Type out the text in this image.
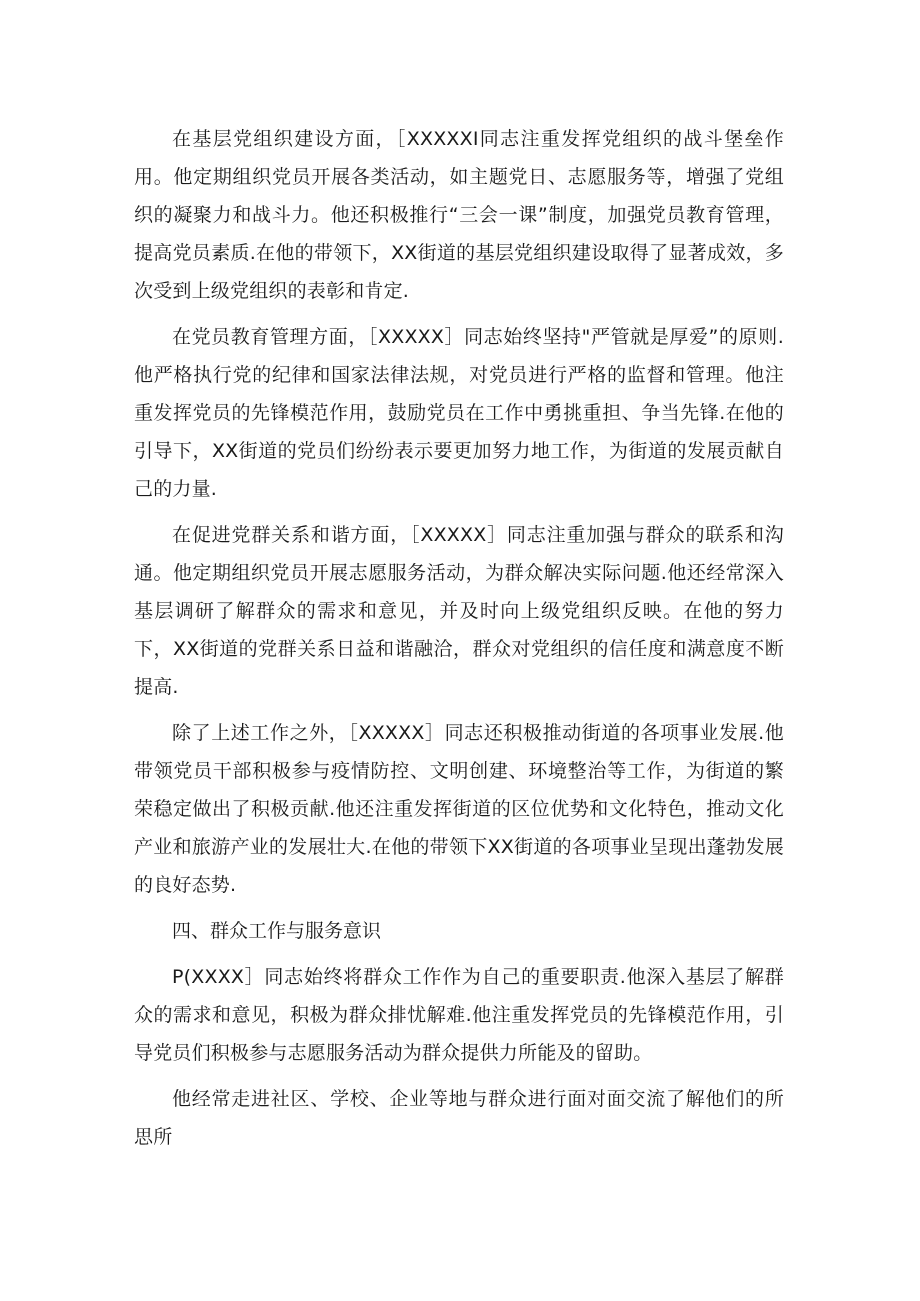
在基层党组织建设方面，［XXXXXI同志注重发挥党组织的战斗堡垒作用。他定期组织党员开展各类活动，如主题党日、志愿服务等，增强了党组织的凝聚力和战斗力。他还积极推行“三会一课”制度，加强党员教育管理，提高党员素质.在他的带领下，XX街道的基层党组织建设取得了显著成效，多次受到上级党组织的表彰和肯定.

在党员教育管理方面，［XXXXX］同志始终坚持"严管就是厚爱”的原则.他严格执行党的纪律和国家法律法规，对党员进行严格的监督和管理。他注重发挥党员的先锋模范作用，鼓励党员在工作中勇挑重担、争当先锋.在他的引导下，XX街道的党员们纷纷表示要更加努力地工作，为街道的发展贡献自己的力量.

在促进党群关系和谐方面，［XXXXX］同志注重加强与群众的联系和沟通。他定期组织党员开展志愿服务活动，为群众解决实际问题.他还经常深入基层调研了解群众的需求和意见，并及时向上级党组织反映。在他的努力下，XX街道的党群关系日益和谐融洽，群众对党组织的信任度和满意度不断提高.

除了上述工作之外，［XXXXX］同志还积极推动街道的各项事业发展.他带领党员干部积极参与疫情防控、文明创建、环境整治等工作，为街道的繁荣稳定做出了积极贡献.他还注重发挥街道的区位优势和文化特色，推动文化产业和旅游产业的发展壮大.在他的带领下XX街道的各项事业呈现出蓬勃发展的良好态势.

四、群众工作与服务意识

P(XXXX］同志始终将群众工作作为自己的重要职责.他深入基层了解群众的需求和意见，积极为群众排忧解难.他注重发挥党员的先锋模范作用，引导党员们积极参与志愿服务活动为群众提供力所能及的留助。

他经常走进社区、学校、企业等地与群众进行面对面交流了解他们的所思所
